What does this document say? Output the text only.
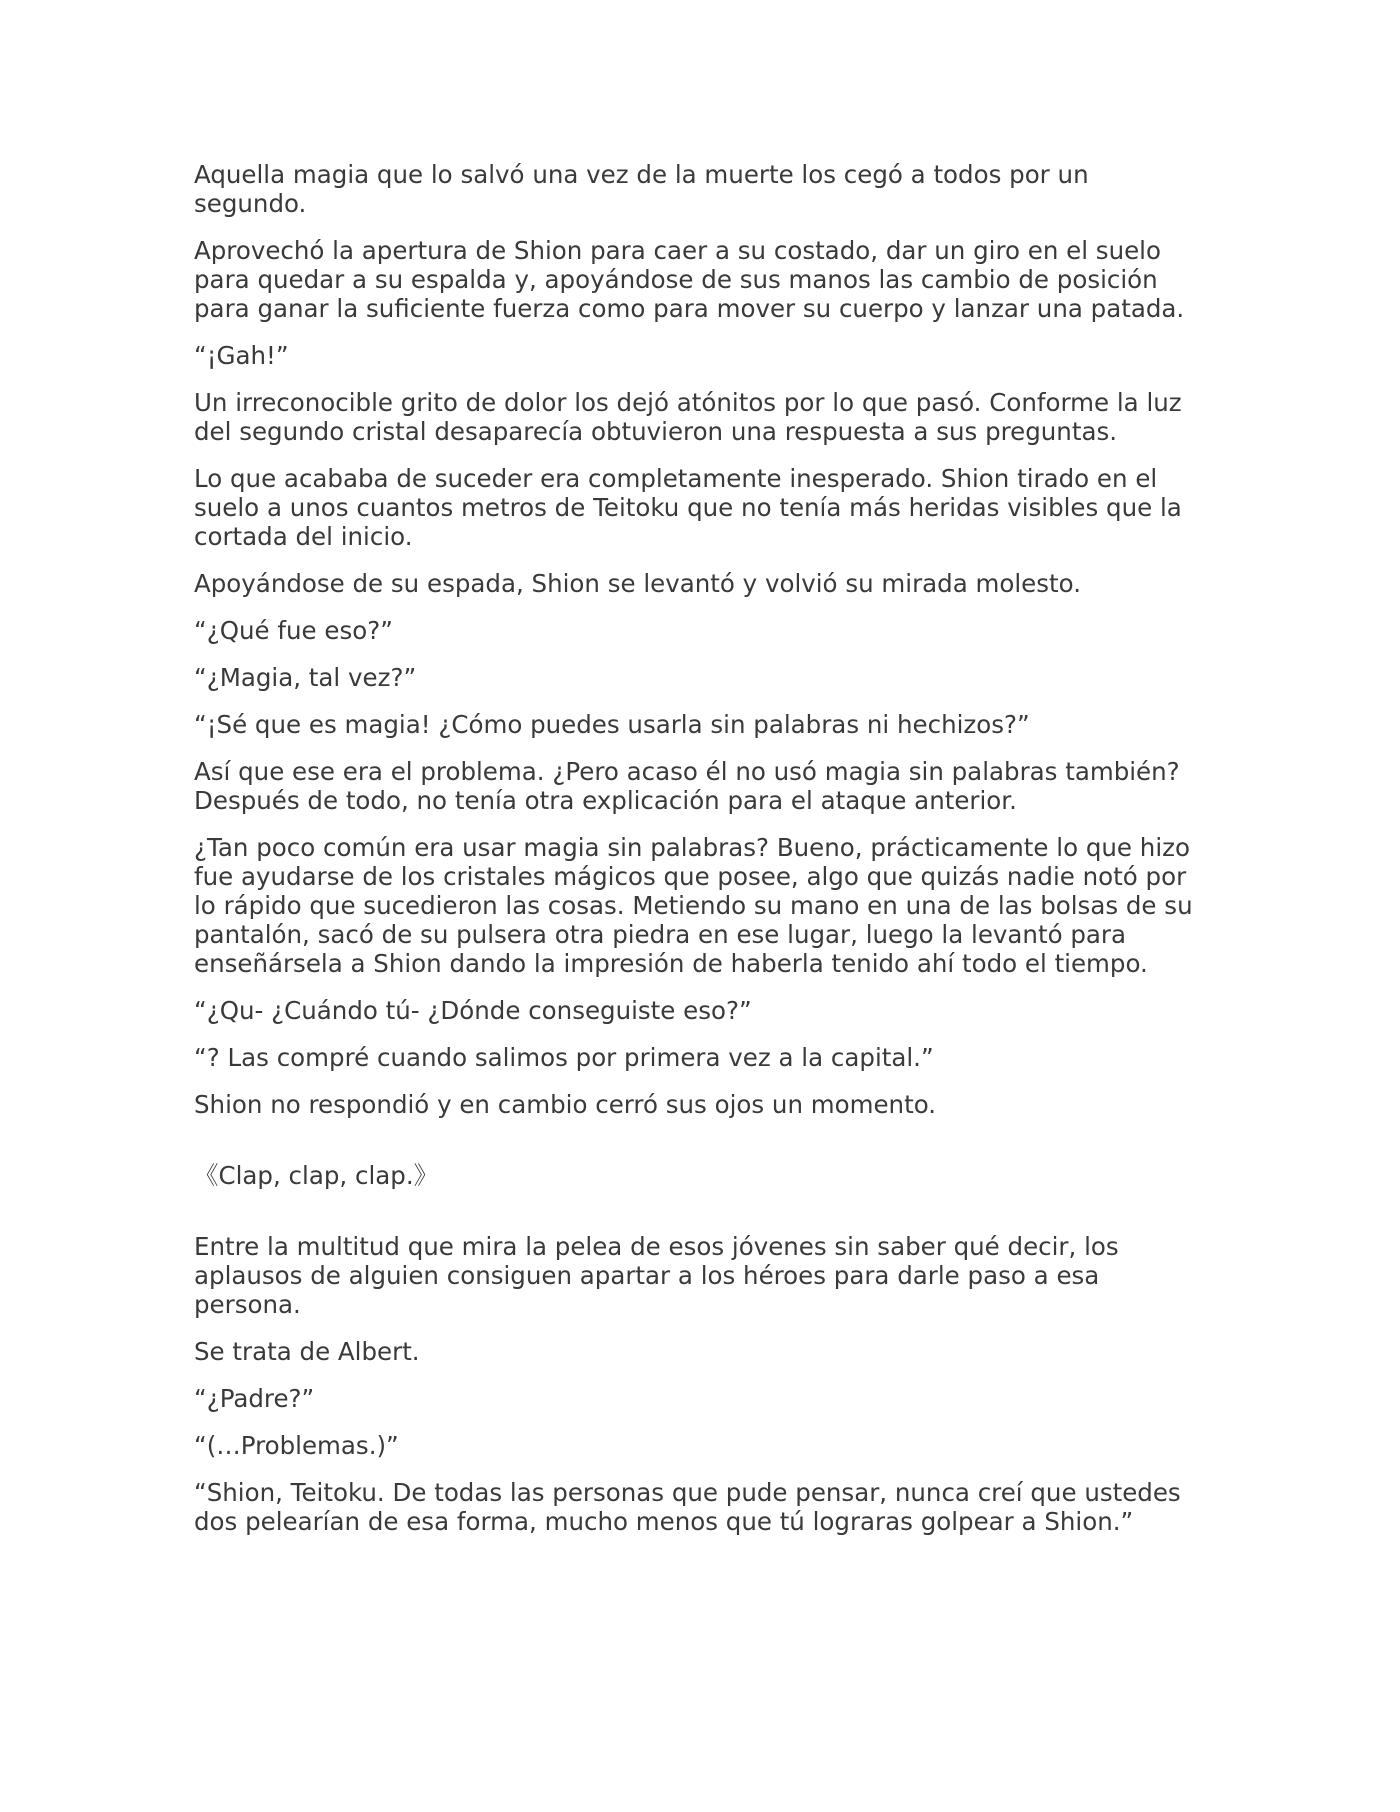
Aquella magia que lo salvó una vez de la muerte los cegó a todos por un segundo.

Aprovechó la apertura de Shion para caer a su costado, dar un giro en el suelo para quedar a su espalda y, apoyándose de sus manos las cambio de posición para ganar la suficiente fuerza como para mover su cuerpo y lanzar una patada.

“¡Gah!”

Un irreconocible grito de dolor los dejó atónitos por lo que pasó. Conforme la luz del segundo cristal desaparecía obtuvieron una respuesta a sus preguntas.

Lo que acababa de suceder era completamente inesperado. Shion tirado en el suelo a unos cuantos metros de Teitoku que no tenía más heridas visibles que la cortada del inicio.

Apoyándose de su espada, Shion se levantó y volvió su mirada molesto.

“¿Qué fue eso?”

“¿Magia, tal vez?”

“¡Sé que es magia! ¿Cómo puedes usarla sin palabras ni hechizos?”

Así que ese era el problema. ¿Pero acaso él no usó magia sin palabras también? Después de todo, no tenía otra explicación para el ataque anterior.

¿Tan poco común era usar magia sin palabras? Bueno, prácticamente lo que hizo fue ayudarse de los cristales mágicos que posee, algo que quizás nadie notó por lo rápido que sucedieron las cosas. Metiendo su mano en una de las bolsas de su pantalón, sacó de su pulsera otra piedra en ese lugar, luego la levantó para enseñársela a Shion dando la impresión de haberla tenido ahí todo el tiempo.

“¿Qu- ¿Cuándo tú- ¿Dónde conseguiste eso?”

“? Las compré cuando salimos por primera vez a la capital.”

Shion no respondió y en cambio cerró sus ojos un momento.

《Clap, clap, clap.》

Entre la multitud que mira la pelea de esos jóvenes sin saber qué decir, los aplausos de alguien consiguen apartar a los héroes para darle paso a esa persona.

Se trata de Albert.

“¿Padre?”

“(…Problemas.)”

“Shion, Teitoku. De todas las personas que pude pensar, nunca creí que ustedes dos pelearían de esa forma, mucho menos que tú lograras golpear a Shion.”
